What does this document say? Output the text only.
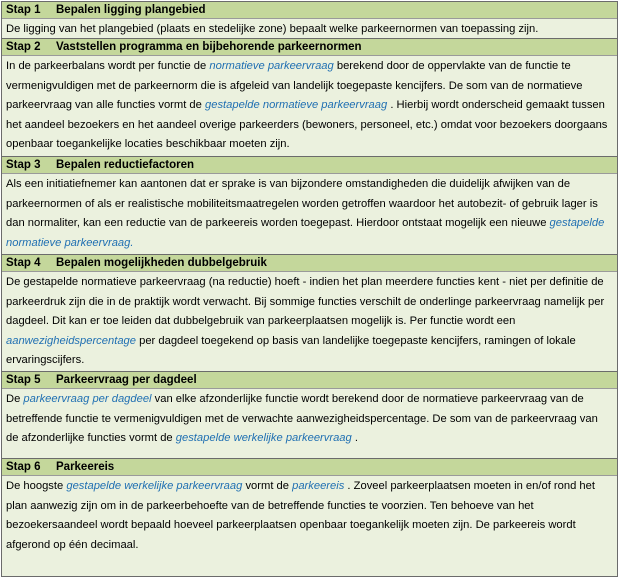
Stap 1 Bepalen ligging plangebied
De ligging van het plangebied (plaats en stedelijke zone) bepaalt welke parkeernormen van toepassing zijn.
Stap 2 Vaststellen programma en bijbehorende parkeernormen
In de parkeerbalans wordt per functie de normatieve parkeervraag berekend door de oppervlakte van de functie te vermenigvuldigen met de parkeernorm die is afgeleid van landelijk toegepaste kencijfers. De som van de normatieve parkeervraag van alle functies vormt de gestapelde normatieve parkeervraag . Hierbij wordt onderscheid gemaakt tussen het aandeel bezoekers en het aandeel overige parkeerders (bewoners, personeel, etc.) omdat voor bezoekers doorgaans openbaar toegankelijke locaties beschikbaar moeten zijn.
Stap 3 Bepalen reductiefactoren
Als een initiatiefnemer kan aantonen dat er sprake is van bijzondere omstandigheden die duidelijk afwijken van de parkeernormen of als er realistische mobiliteitsmaatregelen worden getroffen waardoor het autobezit- of gebruik lager is dan normaliter, kan een reductie van de parkeereis worden toegepast. Hierdoor ontstaat mogelijk een nieuwe gestapelde normatieve parkeervraag.
Stap 4 Bepalen mogelijkheden dubbelgebruik
De gestapelde normatieve parkeervraag (na reductie) hoeft - indien het plan meerdere functies kent - niet per definitie de parkeerdruk zijn die in de praktijk wordt verwacht. Bij sommige functies verschilt de onderlinge parkeervraag namelijk per dagdeel. Dit kan er toe leiden dat dubbelgebruik van parkeerplaatsen mogelijk is. Per functie wordt een aanwezigheidspercentage per dagdeel toegekend op basis van landelijke toegepaste kencijfers, ramingen of lokale ervaringscijfers.
Stap 5 Parkeervraag per dagdeel
De parkeervraag per dagdeel van elke afzonderlijke functie wordt berekend door de normatieve parkeervraag van de betreffende functie te vermenigvuldigen met de verwachte aanwezigheidspercentage. De som van de parkeervraag van de afzonderlijke functies vormt de gestapelde werkelijke parkeervraag .
Stap 6 Parkeereis
De hoogste gestapelde werkelijke parkeervraag vormt de parkeereis . Zoveel parkeerplaatsen moeten in en/of rond het plan aanwezig zijn om in de parkeerbehoefte van de betreffende functies te voorzien. Ten behoeve van het bezoekersaandeel wordt bepaald hoeveel parkeerplaatsen openbaar toegankelijk moeten zijn. De parkeereis wordt afgerond op één decimaal.
